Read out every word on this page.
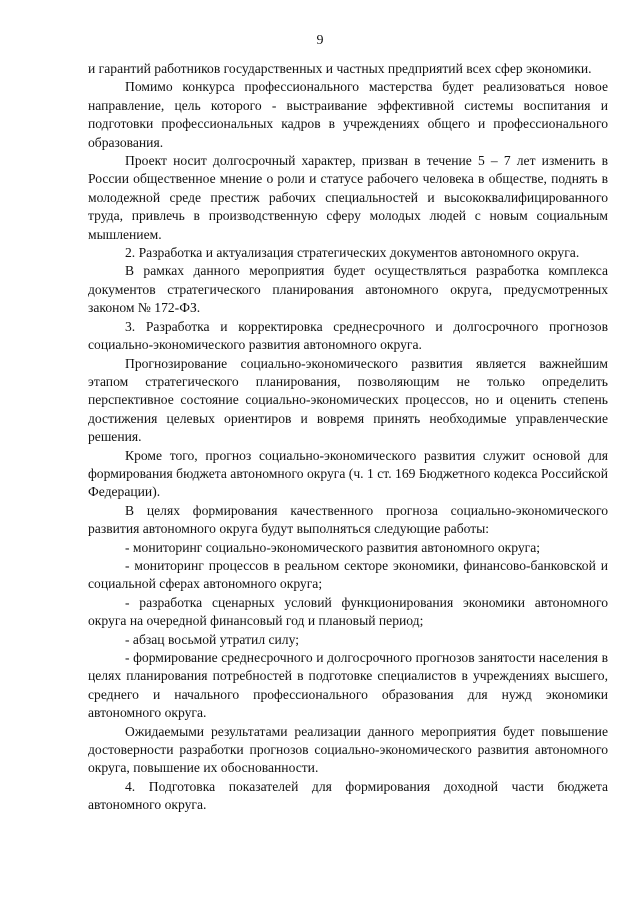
9

и гарантий работников государственных и частных предприятий всех сфер экономики.

Помимо конкурса профессионального мастерства будет реализоваться новое направление, цель которого - выстраивание эффективной системы воспитания и подготовки профессиональных кадров в учреждениях общего и профессионального образования.

Проект носит долгосрочный характер, призван в течение 5 – 7 лет изменить в России общественное мнение о роли и статусе рабочего человека в обществе, поднять в молодежной среде престиж рабочих специальностей и высококвалифицированного труда, привлечь в производственную сферу молодых людей с новым социальным мышлением.

2. Разработка и актуализация стратегических документов автономного округа.

В рамках данного мероприятия будет осуществляться разработка комплекса документов стратегического планирования автономного округа, предусмотренных законом № 172-ФЗ.

3. Разработка и корректировка среднесрочного и долгосрочного прогнозов социально-экономического развития автономного округа.

Прогнозирование социально-экономического развития является важнейшим этапом стратегического планирования, позволяющим не только определить перспективное состояние социально-экономических процессов, но и оценить степень достижения целевых ориентиров и вовремя принять необходимые управленческие решения.

Кроме того, прогноз социально-экономического развития служит основой для формирования бюджета автономного округа (ч. 1 ст. 169 Бюджетного кодекса Российской Федерации).

В целях формирования качественного прогноза социально-экономического развития автономного округа будут выполняться следующие работы:

- мониторинг социально-экономического развития автономного округа;

- мониторинг процессов в реальном секторе экономики, финансово-банковской и социальной сферах автономного округа;

- разработка сценарных условий функционирования экономики автономного округа на очередной финансовый год и плановый период;

- абзац восьмой утратил силу;

- формирование среднесрочного и долгосрочного прогнозов занятости населения в целях планирования потребностей в подготовке специалистов в учреждениях высшего, среднего и начального профессионального образования для нужд экономики автономного округа.

Ожидаемыми результатами реализации данного мероприятия будет повышение достоверности разработки прогнозов социально-экономического развития автономного округа, повышение их обоснованности.

4. Подготовка показателей для формирования доходной части бюджета автономного округа.
